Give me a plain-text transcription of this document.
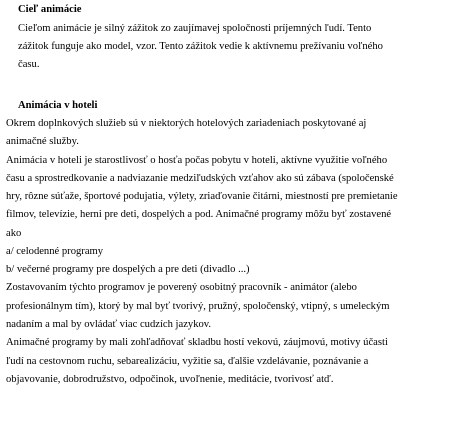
Cieľ animácie
Cieľom animácie je silný zážitok zo zaujímavej spoločnosti príjemných ľudí. Tento
zážitok funguje ako model, vzor. Tento zážitok vedie k aktívnemu prežívaniu voľného
času.
Animácia v hoteli
Okrem doplnkových služieb sú v niektorých hotelových zariadeniach poskytované aj
animačné služby.
Animácia v hoteli je starostlivosť o hosťa počas pobytu v hoteli, aktívne využitie voľného
času a sprostredkovanie a nadviazanie medziľudských vzťahov ako sú zábava (spoločenské
hry, rôzne súťaže, športové podujatia, výlety, zriaďovanie čitárni, miestností pre premietanie
filmov, televízie, herni pre deti, dospelých a pod. Animačné programy môžu byť zostavené
ako
a/ celodenné programy
b/ večerné programy pre dospelých a pre deti (divadlo ...)
Zostavovaním týchto programov je poverený osobitný pracovník - animátor (alebo
profesionálnym tím), ktorý by mal byť tvorivý, pružný, spoločenský, vtipný, s umeleckým
nadaním a mal by ovládať viac cudzích jazykov.
Animačné programy by mali zohľadňovať skladbu hostí vekovú, záujmovú, motivy účasti
ľudí na cestovnom ruchu, sebarealizáciu, vyžitie sa, ďalšie vzdelávanie, poznávanie a
objavovanie, dobrodružstvo, odpočinok, uvoľnenie, meditácie, tvorivosť atď.
